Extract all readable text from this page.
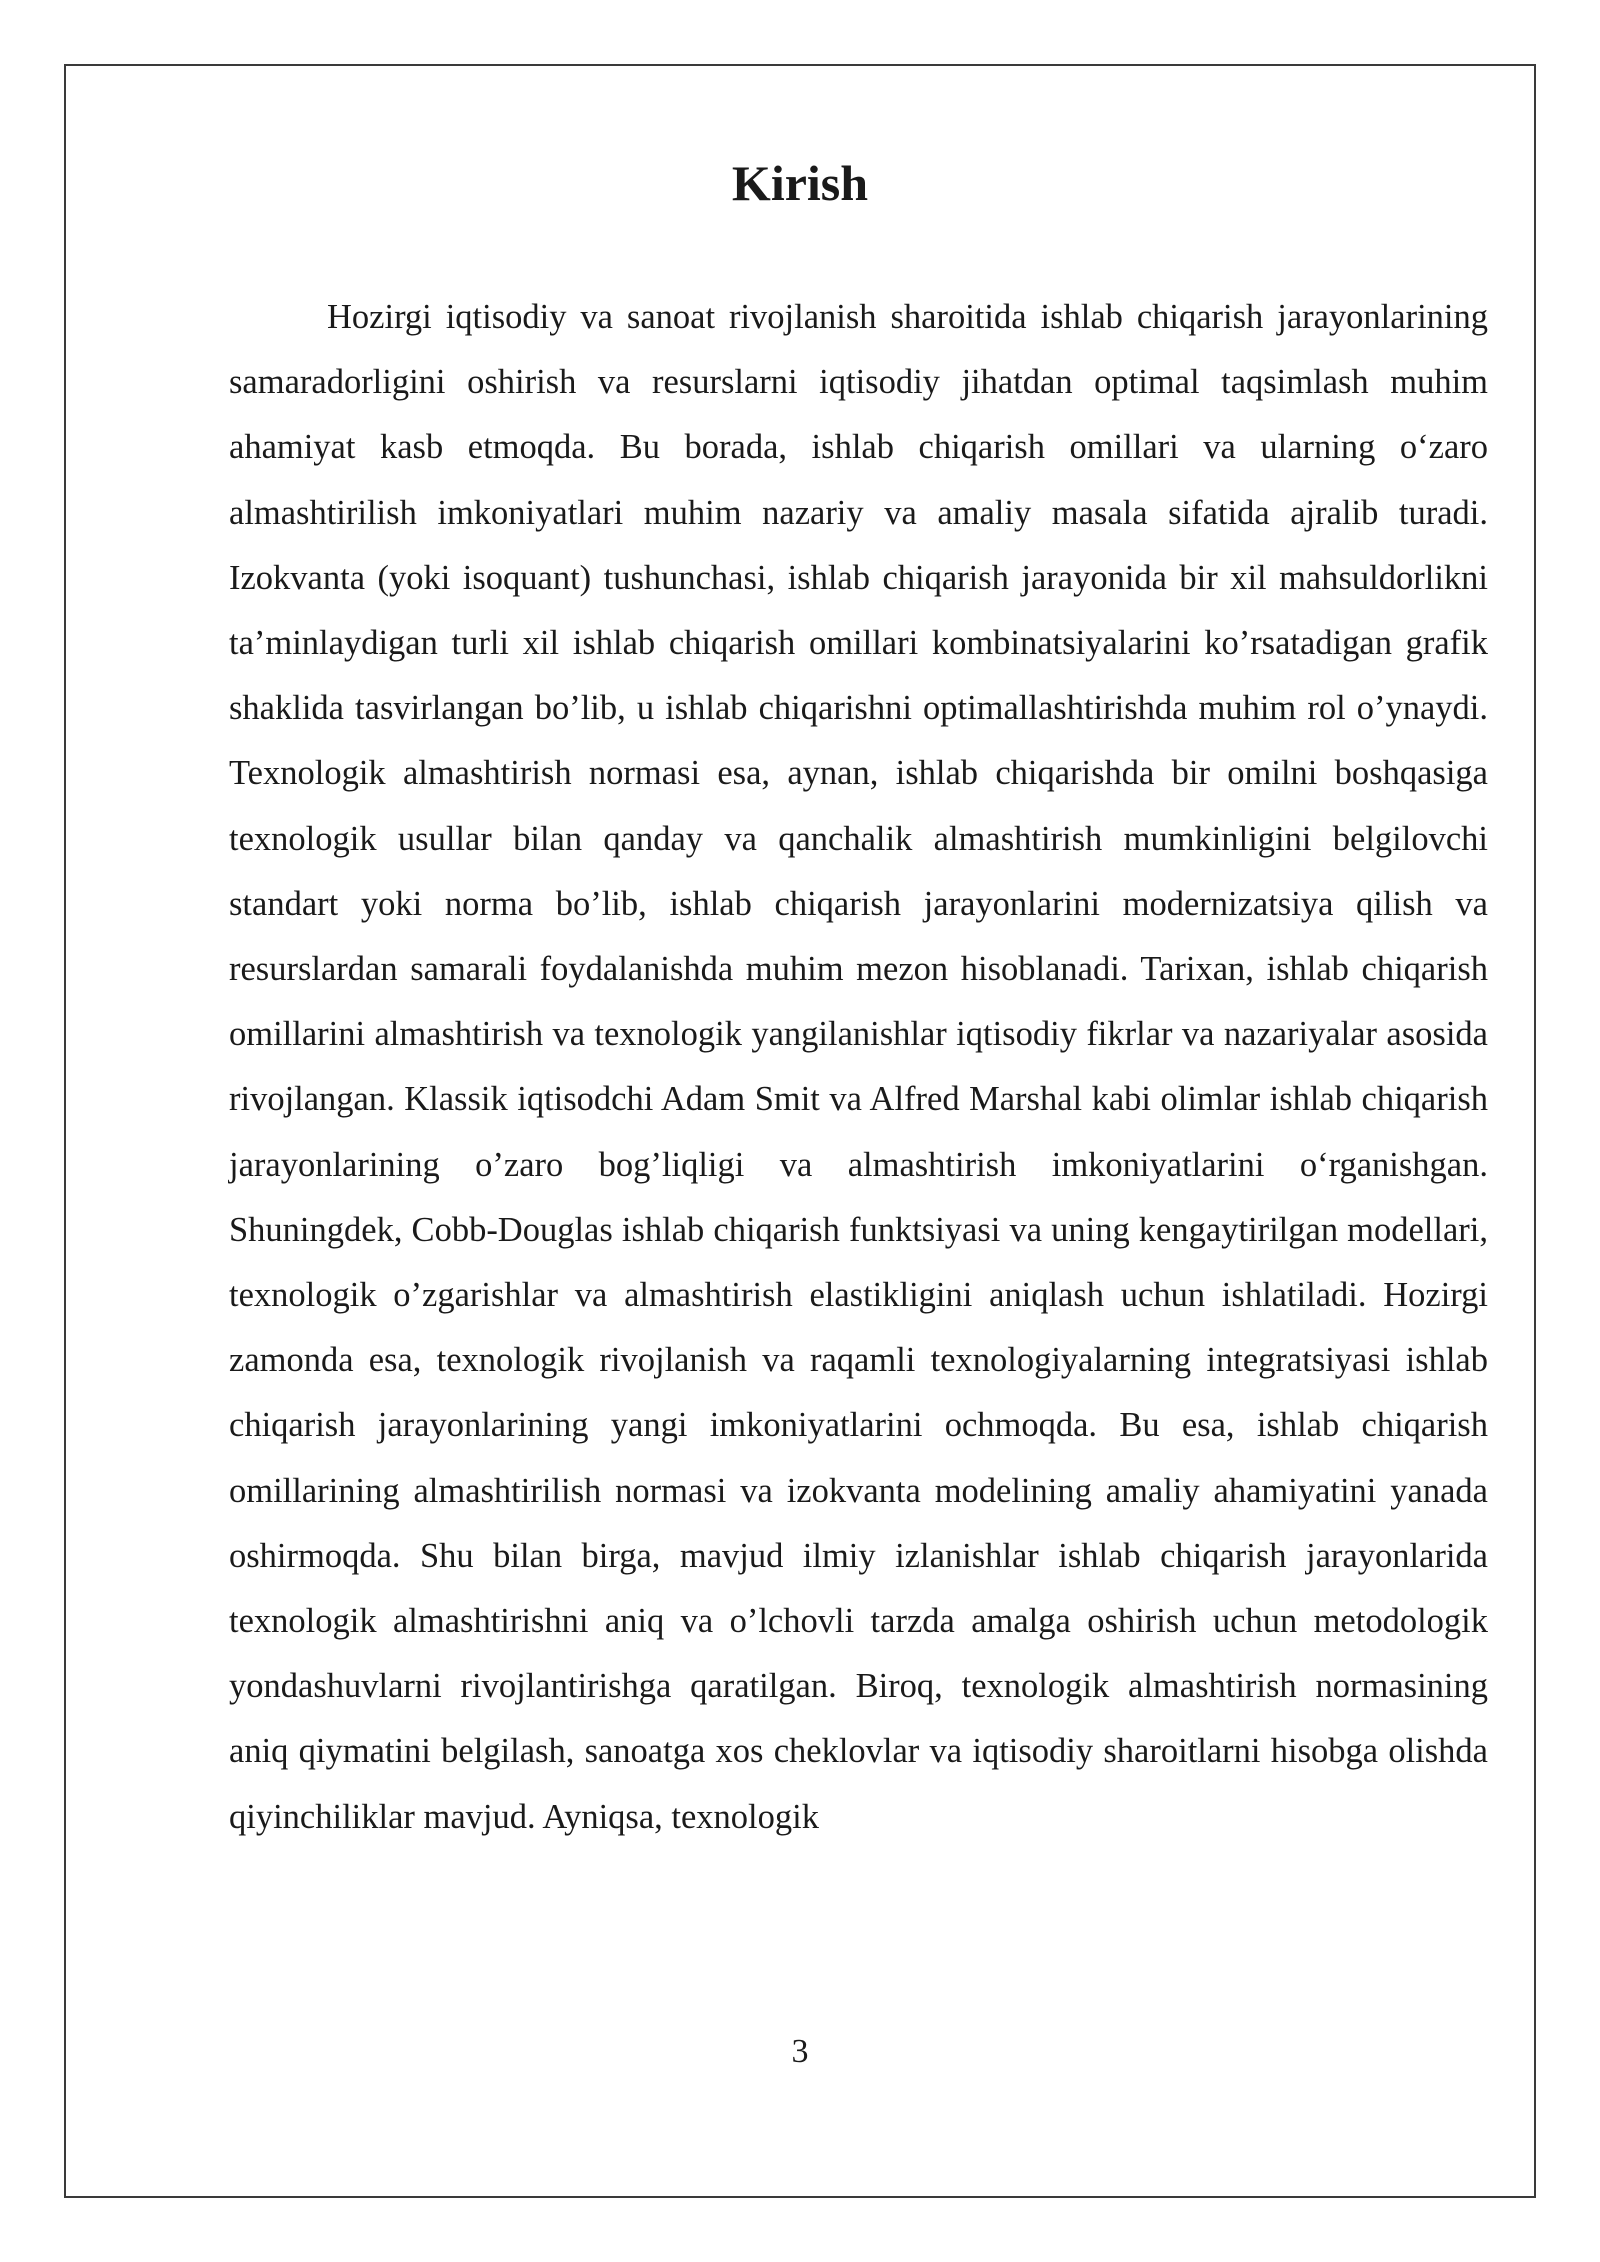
Kirish

Hozirgi iqtisodiy va sanoat rivojlanish sharoitida ishlab chiqarish jarayonlarining samaradorligini oshirish va resurslarni iqtisodiy jihatdan optimal taqsimlash muhim ahamiyat kasb etmoqda. Bu borada, ishlab chiqarish omillari va ularning o‘zaro almashtirilish imkoniyatlari muhim nazariy va amaliy masala sifatida ajralib turadi. Izokvanta (yoki isoquant) tushunchasi, ishlab chiqarish jarayonida bir xil mahsuldorlikni ta’minlaydigan turli xil ishlab chiqarish omillari kombinatsiyalarini ko’rsatadigan grafik shaklida tasvirlangan bo’lib, u ishlab chiqarishni optimallashtirishda muhim rol o’ynaydi. Texnologik almashtirish normasi esa, aynan, ishlab chiqarishda bir omilni boshqasiga texnologik usullar bilan qanday va qanchalik almashtirish mumkinligini belgilovchi standart yoki norma bo’lib, ishlab chiqarish jarayonlarini modernizatsiya qilish va resurslardan samarali foydalanishda muhim mezon hisoblanadi. Tarixan, ishlab chiqarish omillarini almashtirish va texnologik yangilanishlar iqtisodiy fikrlar va nazariyalar asosida rivojlangan. Klassik iqtisodchi Adam Smit va Alfred Marshal kabi olimlar ishlab chiqarish jarayonlarining o’zaro bog’liqligi va almashtirish imkoniyatlarini o‘rganishgan. Shuningdek, Cobb-Douglas ishlab chiqarish funktsiyasi va uning kengaytirilgan modellari, texnologik o’zgarishlar va almashtirish elastikligini aniqlash uchun ishlatiladi. Hozirgi zamonda esa, texnologik rivojlanish va raqamli texnologiyalarning integratsiyasi ishlab chiqarish jarayonlarining yangi imkoniyatlarini ochmoqda. Bu esa, ishlab chiqarish omillarining almashtirilish normasi va izokvanta modelining amaliy ahamiyatini yanada oshirmoqda. Shu bilan birga, mavjud ilmiy izlanishlar ishlab chiqarish jarayonlarida texnologik almashtirishni aniq va o’lchovli tarzda amalga oshirish uchun metodologik yondashuvlarni rivojlantirishga qaratilgan. Biroq, texnologik almashtirish normasining aniq qiymatini belgilash, sanoatga xos cheklovlar va iqtisodiy sharoitlarni hisobga olishda qiyinchiliklar mavjud. Ayniqsa, texnologik

3
